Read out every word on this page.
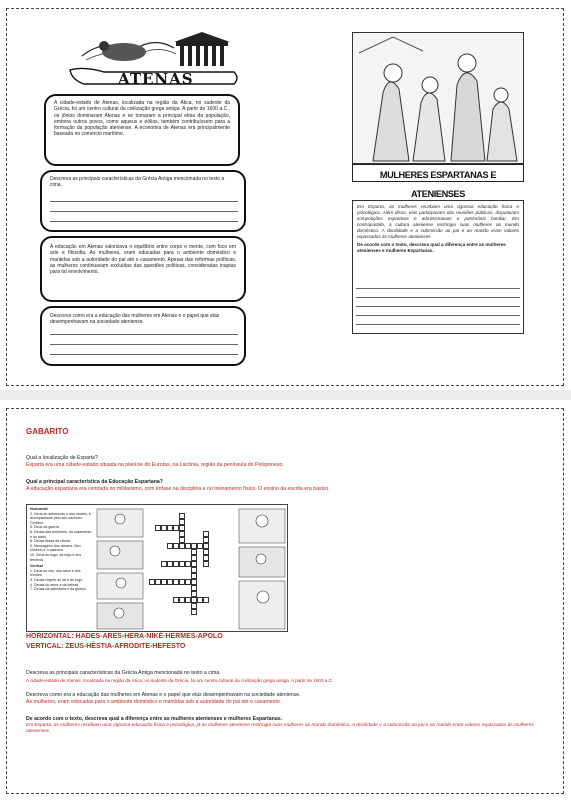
ATENAS

A cidade-estado de Atenas, localizada na região da Ática, no sudeste da Grécia, foi um centro cultural da civilização grega antiga. A partir de 1600 a.C., os jônios dominaram Atenas e se tornaram a principal etnia da população, embora outros povos, como aqueus e eólios, também contribuíssem para a formação da população ateniense. A economia de Atenas era principalmente baseada no comércio marítimo.

Descreva as principais características da Grécia Antiga mencionada no texto a cima.

A educação em Atenas valorizava o equilíbrio entre corpo e mente, com foco em arte e filosofia. As mulheres, eram educadas para o ambiente doméstico e mantidas sob a autoridade do pai até o casamento. Apesar das reformas políticas, as mulheres continuavam excluídas das questões políticas, consideradas inaptas para tal envolvimento.

Descreva como era a educação das mulheres em Atenas e o papel que elas desempenhavam na sociedade ateniense.

MULHERES ESPARTANAS E ATENIENSES

Em Esparta, as mulheres recebiam uma rigorosa educação física e psicológica. Além disso, elas participavam das reuniões públicas, disputavam competições esportivas e administravam o patrimônio familiar. Em contrapartida, a cultura ateniense restringia suas mulheres ao mundo doméstico. A docilidade e a submissão ao pai e ao marido eram valores repassados às mulheres atenienses.

De acordo com o texto, descreva qual a diferença entre as mulheres atenienses e mulheres Espartanas.

GABARITO
Qual a localização de Esparta?
Esparta era uma cidade-estado situada na planície do Eurotas, na Lacônia, região da península do Peloponeso.
Qual a principal característica da Educação Espartana?
A educação espartana era centrada no militarismo, com ênfase na disciplina e no treinamento físico. O ensino da escrita era básico.
Horizontal
2. Deus do submundo e dos mortos, é acompanhado pelo seu cachorro Cérbero.
5. Deus da guerra.
6. Deusa das mulheres, do casamento e do parto.
8. Deusa alada da vitória.
9. Mensageiro dos deuses. Seu símbolo é o caduceu.
10. Deus do fogo, da forja e dos ferreiros.
Vertical
1. Deus do céu, dos raios e dos trovões.
3. Deusa virgem do lar e do fogo.
4. Deusa do amor e da beleza.
7. Deusa da sabedoria e da guerra.
HORIZONTAL: HADES-ARES-HERA-NIKÉ-HERMES-APOLO
VERTICAL: ZEUS-HÉSTIA-AFRODITE-HEFESTO
Descreva as principais características da Grécia Antiga mencionada no texto a cima.
A cidade-estado de Atenas, localizada na região da Ática, no sudeste da Grécia, foi um centro cultural da civilização grega antiga. A partir de 1600 a.C.
Descreva como era a educação das mulheres em Atenas e o papel que elas desempenhavam na sociedade ateniense.
As mulheres, eram educadas para o ambiente doméstico e mantidas sob a autoridade do pai até o casamento.
De acordo com o texto, descreva qual a diferença entre as mulheres atenienses e mulheres Espartanas.
Em Esparta, as mulheres recebiam uma rigorosa educação física e psicológica, já as mulheres ateniense restringia suas mulheres ao mundo doméstico. A docilidade e a submissão ao pai e ao marido eram valores repassados às mulheres atenienses.
